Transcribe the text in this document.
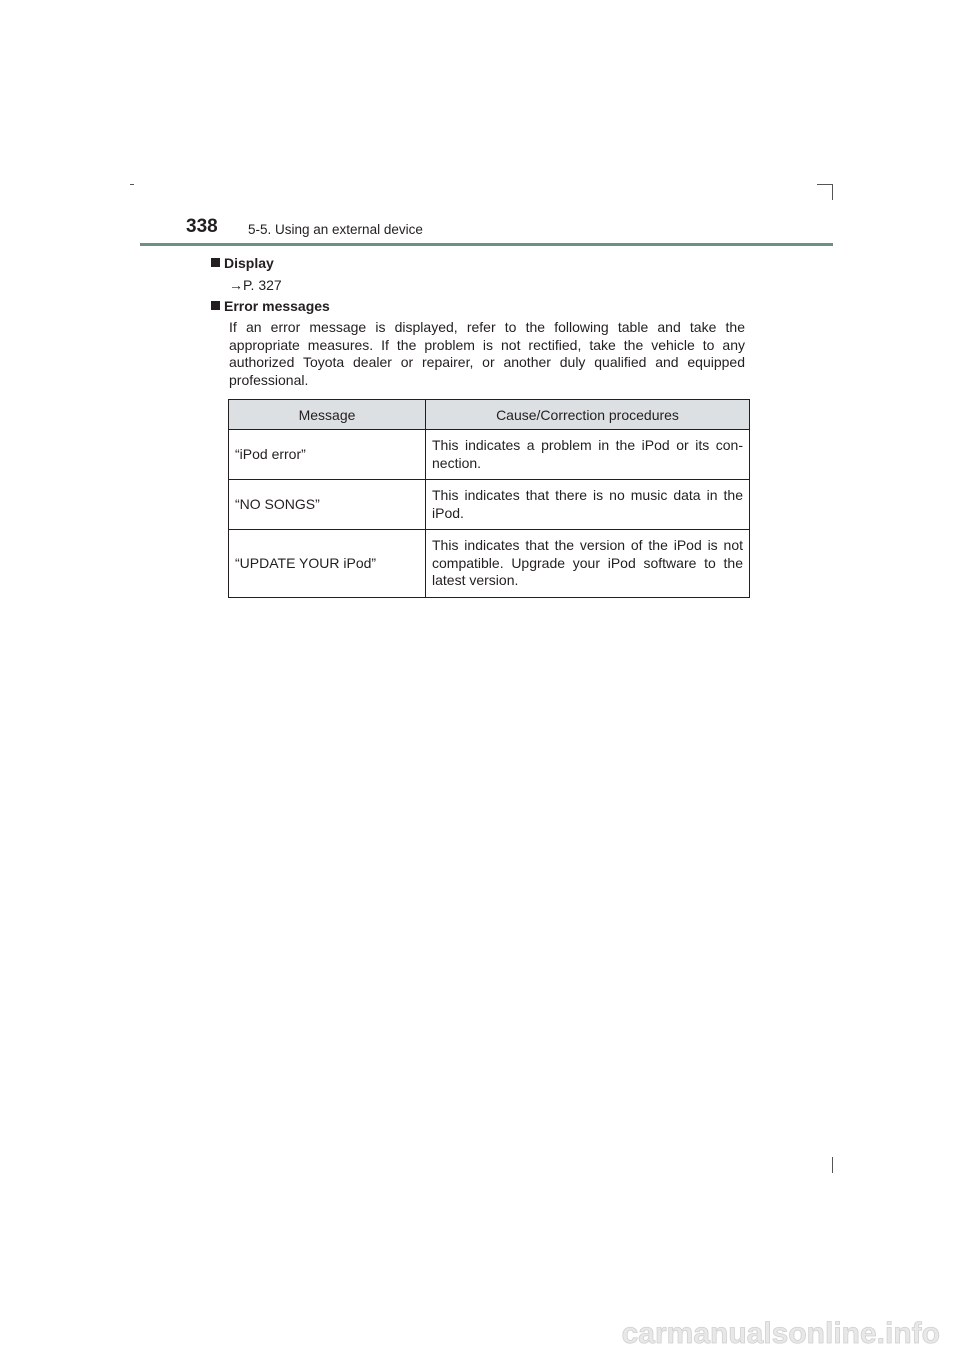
338 5-5. Using an external device
Display
→P. 327
Error messages
If an error message is displayed, refer to the following table and take the appropriate measures. If the problem is not rectified, take the vehicle to any authorized Toyota dealer or repairer, or another duly qualified and equipped professional.
Message	Cause/Correction procedures
“iPod error”	This indicates a problem in the iPod or its con-nection.
“NO SONGS”	This indicates that there is no music data in the iPod.
“UPDATE YOUR iPod”	This indicates that the version of the iPod is not compatible. Upgrade your iPod software to the latest version.
carmanualsonline.info
